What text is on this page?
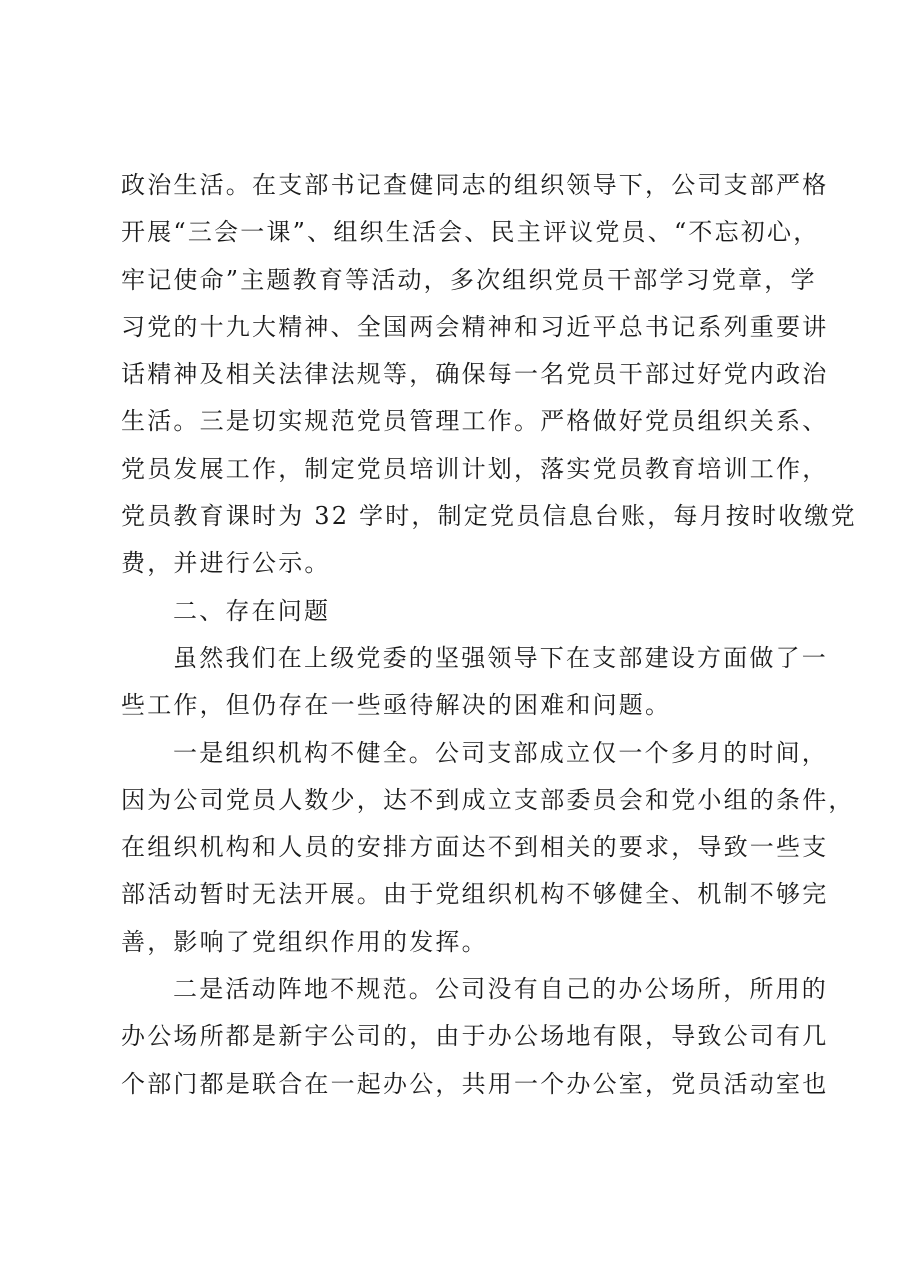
政治生活。在支部书记查健同志的组织领导下，公司支部严格
开展“三会一课”、组织生活会、民主评议党员、“不忘初心，
牢记使命”主题教育等活动，多次组织党员干部学习党章，学
习党的十九大精神、全国两会精神和习近平总书记系列重要讲
话精神及相关法律法规等，确保每一名党员干部过好党内政治
生活。三是切实规范党员管理工作。严格做好党员组织关系、
党员发展工作，制定党员培训计划，落实党员教育培训工作，
党员教育课时为 32 学时，制定党员信息台账，每月按时收缴党
费，并进行公示。
二、存在问题
虽然我们在上级党委的坚强领导下在支部建设方面做了一
些工作，但仍存在一些亟待解决的困难和问题。
一是组织机构不健全。公司支部成立仅一个多月的时间，
因为公司党员人数少，达不到成立支部委员会和党小组的条件，
在组织机构和人员的安排方面达不到相关的要求，导致一些支
部活动暂时无法开展。由于党组织机构不够健全、机制不够完
善，影响了党组织作用的发挥。
二是活动阵地不规范。公司没有自己的办公场所，所用的
办公场所都是新宇公司的，由于办公场地有限，导致公司有几
个部门都是联合在一起办公，共用一个办公室，党员活动室也
